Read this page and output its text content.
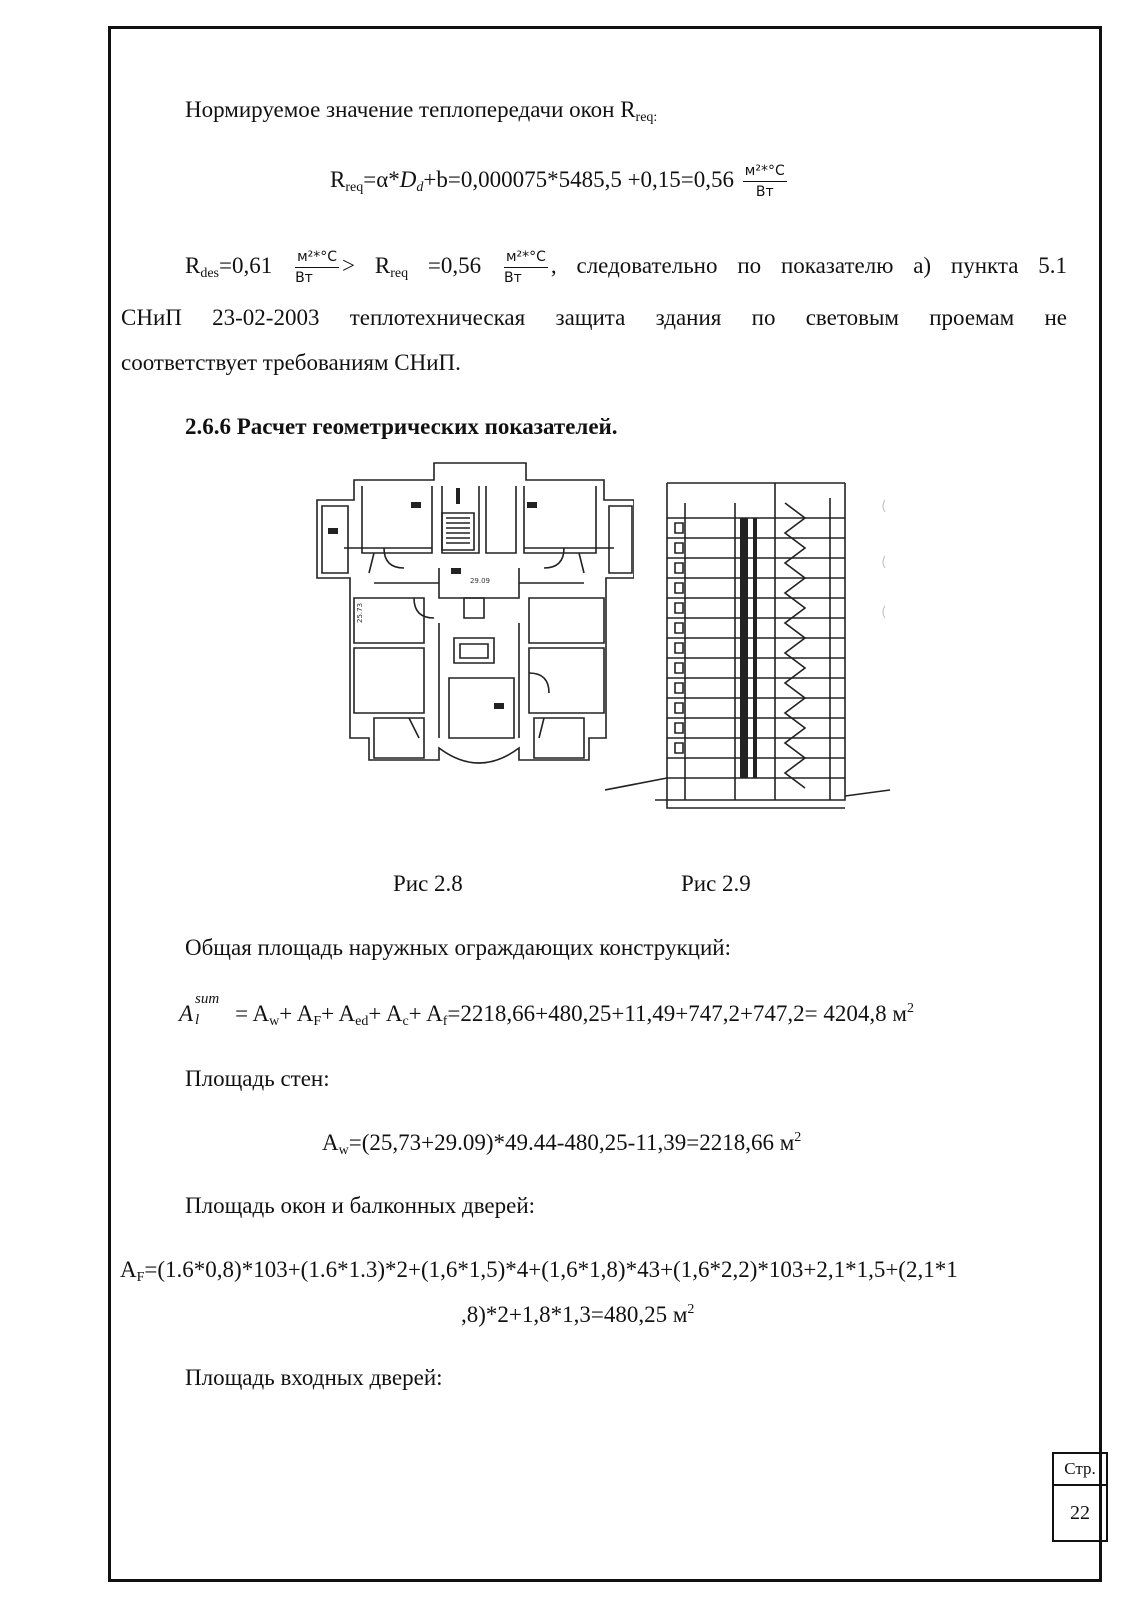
Нормируемое значение теплопередачи окон $R_{req:}$
$R_{req}=\alpha*D_d+b=0,000075*5485,5 +0,15=0,56 \frac{\text{м²*°С}}{Вт}$
$R_{des}=0,61 \frac{\text{м²*°С}}{Вт} > R_{req} =0,56 \frac{\text{м²*°С}}{Вт}$ , следовательно по показателю а) пункта 5.1
СНиП 23-02-2003 теплотехническая защита здания по световым проемам не
соответствует требованиям СНиП.
2.6.6 Расчет геометрических показателей.
29.09
25.73
Рис 2.8	Рис 2.9
Общая площадь наружных ограждающих конструкций:
A
sum
$l = A_w+ A_F+ A_{ed}+ A_c+ A_f=2218,66+480,25+11,49+747,2+747,2= 4204,8$ $м^2$
Площадь стен:
$A_w=(25,73+29.09)*49.44-480,25-11,39=2218,66$ $м^2$
Площадь окон и балконных дверей:
$A_F=(1.6*0,8)*103+(1.6*1.3)*2+(1,6*1,5)*4+(1,6*1,8)*43+(1,6*2,2)*103+2,1*1,5+(2,1*1$
,8)*2+1,8*1,3=480,25 $м^2$
Площадь входных дверей:
Стр.
22
